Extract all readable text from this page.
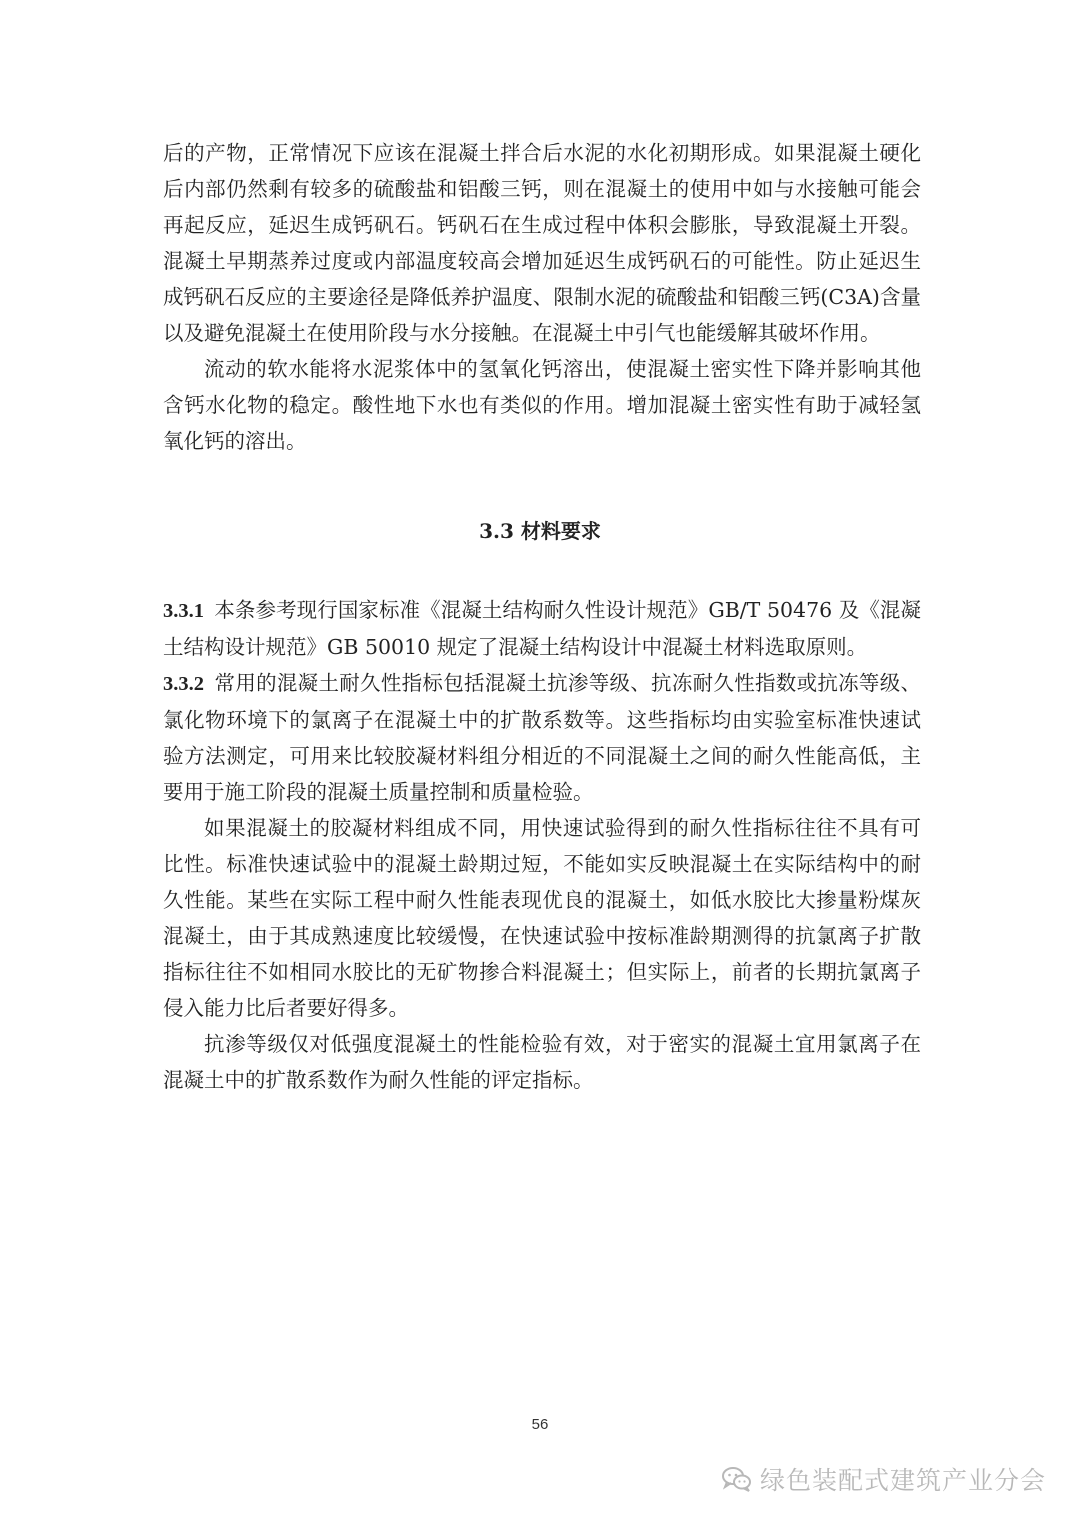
后的产物，正常情况下应该在混凝土拌合后水泥的水化初期形成。如果混凝土硬化后内部仍然剩有较多的硫酸盐和铝酸三钙，则在混凝土的使用中如与水接触可能会再起反应，延迟生成钙矾石。钙矾石在生成过程中体积会膨胀，导致混凝土开裂。混凝土早期蒸养过度或内部温度较高会增加延迟生成钙矾石的可能性。防止延迟生成钙矾石反应的主要途径是降低养护温度、限制水泥的硫酸盐和铝酸三钙(C3A)含量以及避免混凝土在使用阶段与水分接触。在混凝土中引气也能缓解其破坏作用。

流动的软水能将水泥浆体中的氢氧化钙溶出，使混凝土密实性下降并影响其他含钙水化物的稳定。酸性地下水也有类似的作用。增加混凝土密实性有助于减轻氢氧化钙的溶出。

3.3 材料要求

3.3.1 本条参考现行国家标准《混凝土结构耐久性设计规范》GB/T 50476 及《混凝土结构设计规范》GB 50010 规定了混凝土结构设计中混凝土材料选取原则。

3.3.2 常用的混凝土耐久性指标包括混凝土抗渗等级、抗冻耐久性指数或抗冻等级、氯化物环境下的氯离子在混凝土中的扩散系数等。这些指标均由实验室标准快速试验方法测定，可用来比较胶凝材料组分相近的不同混凝土之间的耐久性能高低，主要用于施工阶段的混凝土质量控制和质量检验。

如果混凝土的胶凝材料组成不同，用快速试验得到的耐久性指标往往不具有可比性。标准快速试验中的混凝土龄期过短，不能如实反映混凝土在实际结构中的耐久性能。某些在实际工程中耐久性能表现优良的混凝土，如低水胶比大掺量粉煤灰混凝土，由于其成熟速度比较缓慢，在快速试验中按标准龄期测得的抗氯离子扩散指标往往不如相同水胶比的无矿物掺合料混凝土；但实际上，前者的长期抗氯离子侵入能力比后者要好得多。

抗渗等级仅对低强度混凝土的性能检验有效，对于密实的混凝土宜用氯离子在混凝土中的扩散系数作为耐久性能的评定指标。

56
绿色装配式建筑产业分会
